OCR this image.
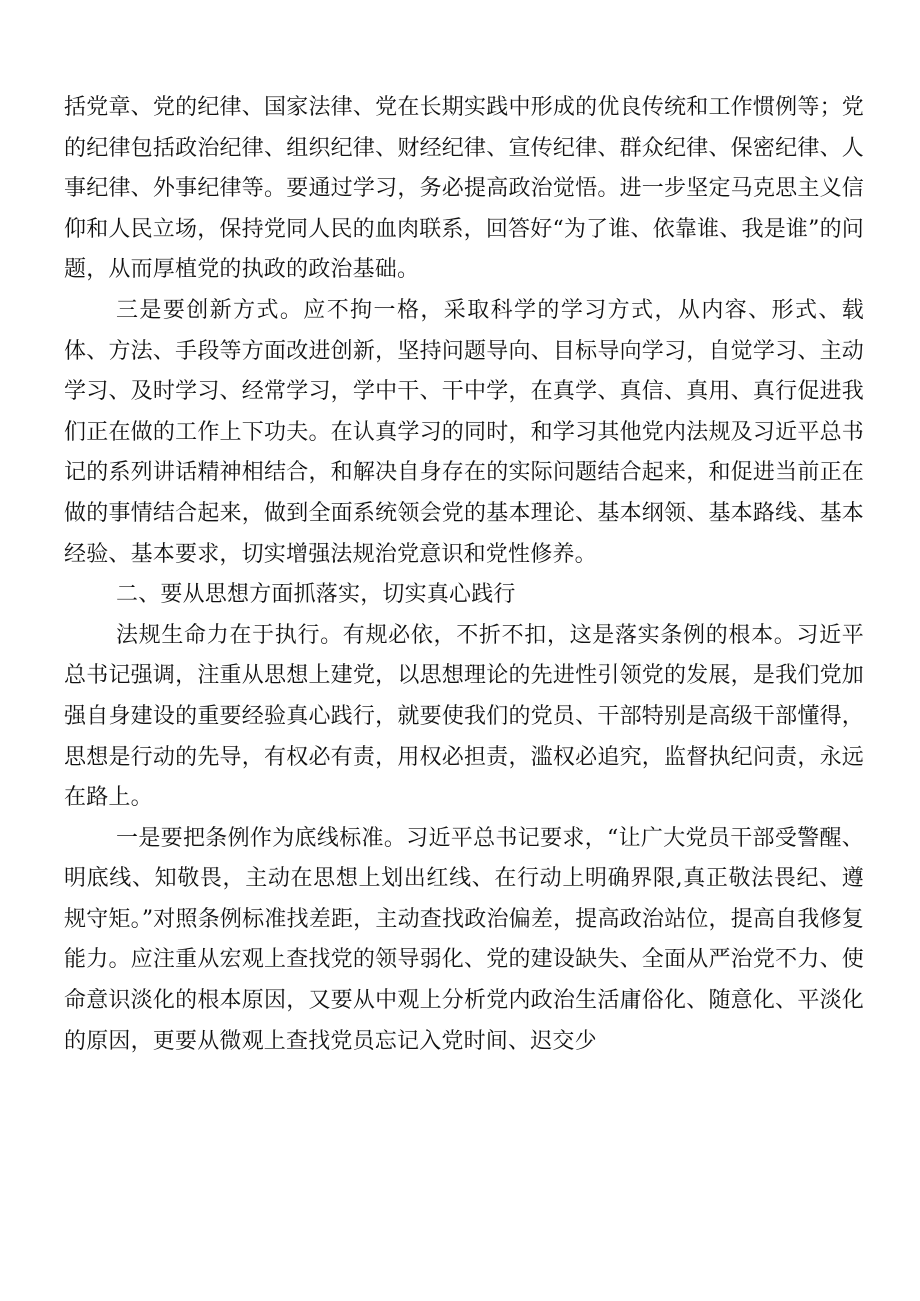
括党章、党的纪律、国家法律、党在长期实践中形成的优良传统和工作惯例等；党的纪律包括政治纪律、组织纪律、财经纪律、宣传纪律、群众纪律、保密纪律、人事纪律、外事纪律等。要通过学习，务必提高政治觉悟。进一步坚定马克思主义信仰和人民立场，保持党同人民的血肉联系，回答好“为了谁、依靠谁、我是谁”的问题，从而厚植党的执政的政治基础。

三是要创新方式。应不拘一格，采取科学的学习方式，从内容、形式、载体、方法、手段等方面改进创新，坚持问题导向、目标导向学习，自觉学习、主动学习、及时学习、经常学习，学中干、干中学，在真学、真信、真用、真行促进我们正在做的工作上下功夫。在认真学习的同时，和学习其他党内法规及习近平总书记的系列讲话精神相结合，和解决自身存在的实际问题结合起来，和促进当前正在做的事情结合起来，做到全面系统领会党的基本理论、基本纲领、基本路线、基本经验、基本要求，切实增强法规治党意识和党性修养。

二、要从思想方面抓落实，切实真心践行

法规生命力在于执行。有规必依，不折不扣，这是落实条例的根本。习近平总书记强调，注重从思想上建党，以思想理论的先进性引领党的发展，是我们党加强自身建设的重要经验真心践行，就要使我们的党员、干部特别是高级干部懂得，思想是行动的先导，有权必有责，用权必担责，滥权必追究，监督执纪问责，永远在路上。

一是要把条例作为底线标准。习近平总书记要求，“让广大党员干部受警醒、明底线、知敬畏，主动在思想上划出红线、在行动上明确界限,真正敬法畏纪、遵规守矩。”对照条例标准找差距，主动查找政治偏差，提高政治站位，提高自我修复能力。应注重从宏观上查找党的领导弱化、党的建设缺失、全面从严治党不力、使命意识淡化的根本原因，又要从中观上分析党内政治生活庸俗化、随意化、平淡化的原因，更要从微观上查找党员忘记入党时间、迟交少
